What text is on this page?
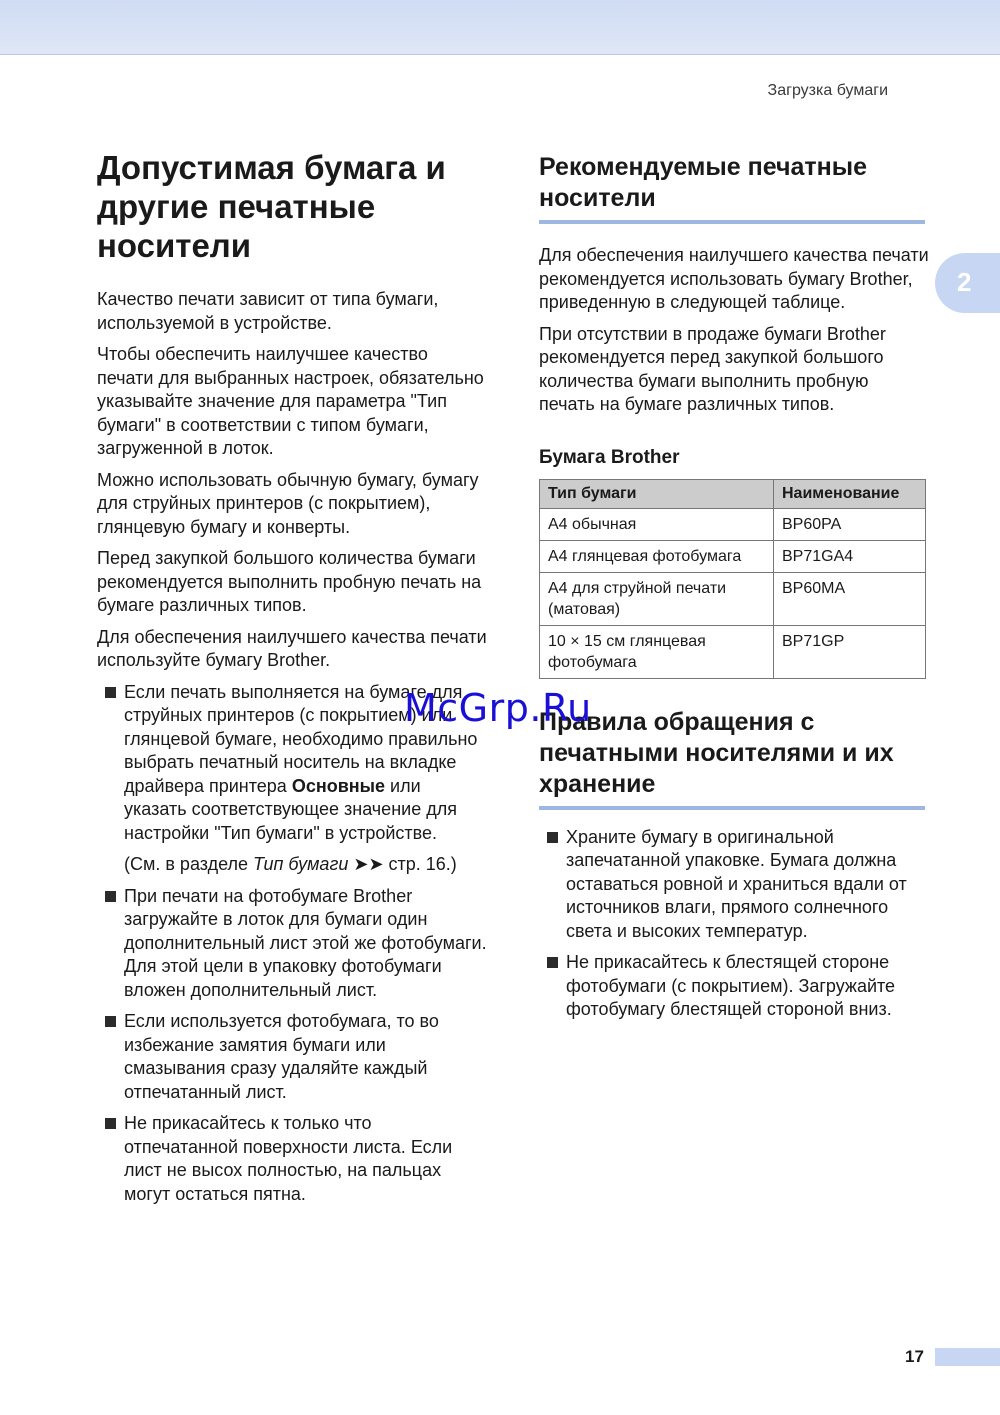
Загрузка бумаги
2
Допустимая бумага и другие печатные носители

Качество печати зависит от типа бумаги, используемой в устройстве.

Чтобы обеспечить наилучшее качество печати для выбранных настроек, обязательно указывайте значение для параметра "Тип бумаги" в соответствии с типом бумаги, загруженной в лоток.

Можно использовать обычную бумагу, бумагу для струйных принтеров (с покрытием), глянцевую бумагу и конверты.

Перед закупкой большого количества бумаги рекомендуется выполнить пробную печать на бумаге различных типов.

Для обеспечения наилучшего качества печати используйте бумагу Brother.

Если печать выполняется на бумаге для струйных принтеров (с покрытием) или глянцевой бумаге, необходимо правильно выбрать печатный носитель на вкладке драйвера принтера Основные или указать соответствующее значение для настройки "Тип бумаги" в устройстве.
(См. в разделе Тип бумаги ➤➤ стр. 16.)
При печати на фотобумаге Brother загружайте в лоток для бумаги один дополнительный лист этой же фотобумаги. Для этой цели в упаковку фотобумаги вложен дополнительный лист.
Если используется фотобумага, то во избежание замятия бумаги или смазывания сразу удаляйте каждый отпечатанный лист.
Не прикасайтесь к только что отпечатанной поверхности листа. Если лист не высох полностью, на пальцах могут остаться пятна.
Рекомендуемые печатные носители

Для обеспечения наилучшего качества печати рекомендуется использовать бумагу Brother, приведенную в следующей таблице.

При отсутствии в продаже бумаги Brother рекомендуется перед закупкой большого количества бумаги выполнить пробную печать на бумаге различных типов.

Бумага Brother
Тип бумаги	Наименование
A4 обычная	BP60PA
A4 глянцевая фотобумага	BP71GA4
A4 для струйной печати (матовая)	BP60MA
10 × 15 см глянцевая фотобумага	BP71GP
Правила обращения с печатными носителями и их хранение
Храните бумагу в оригинальной запечатанной упаковке. Бумага должна оставаться ровной и храниться вдали от источников влаги, прямого солнечного света и высоких температур.
Не прикасайтесь к блестящей стороне фотобумаги (с покрытием). Загружайте фотобумагу блестящей стороной вниз.
McGrp.Ru
17
